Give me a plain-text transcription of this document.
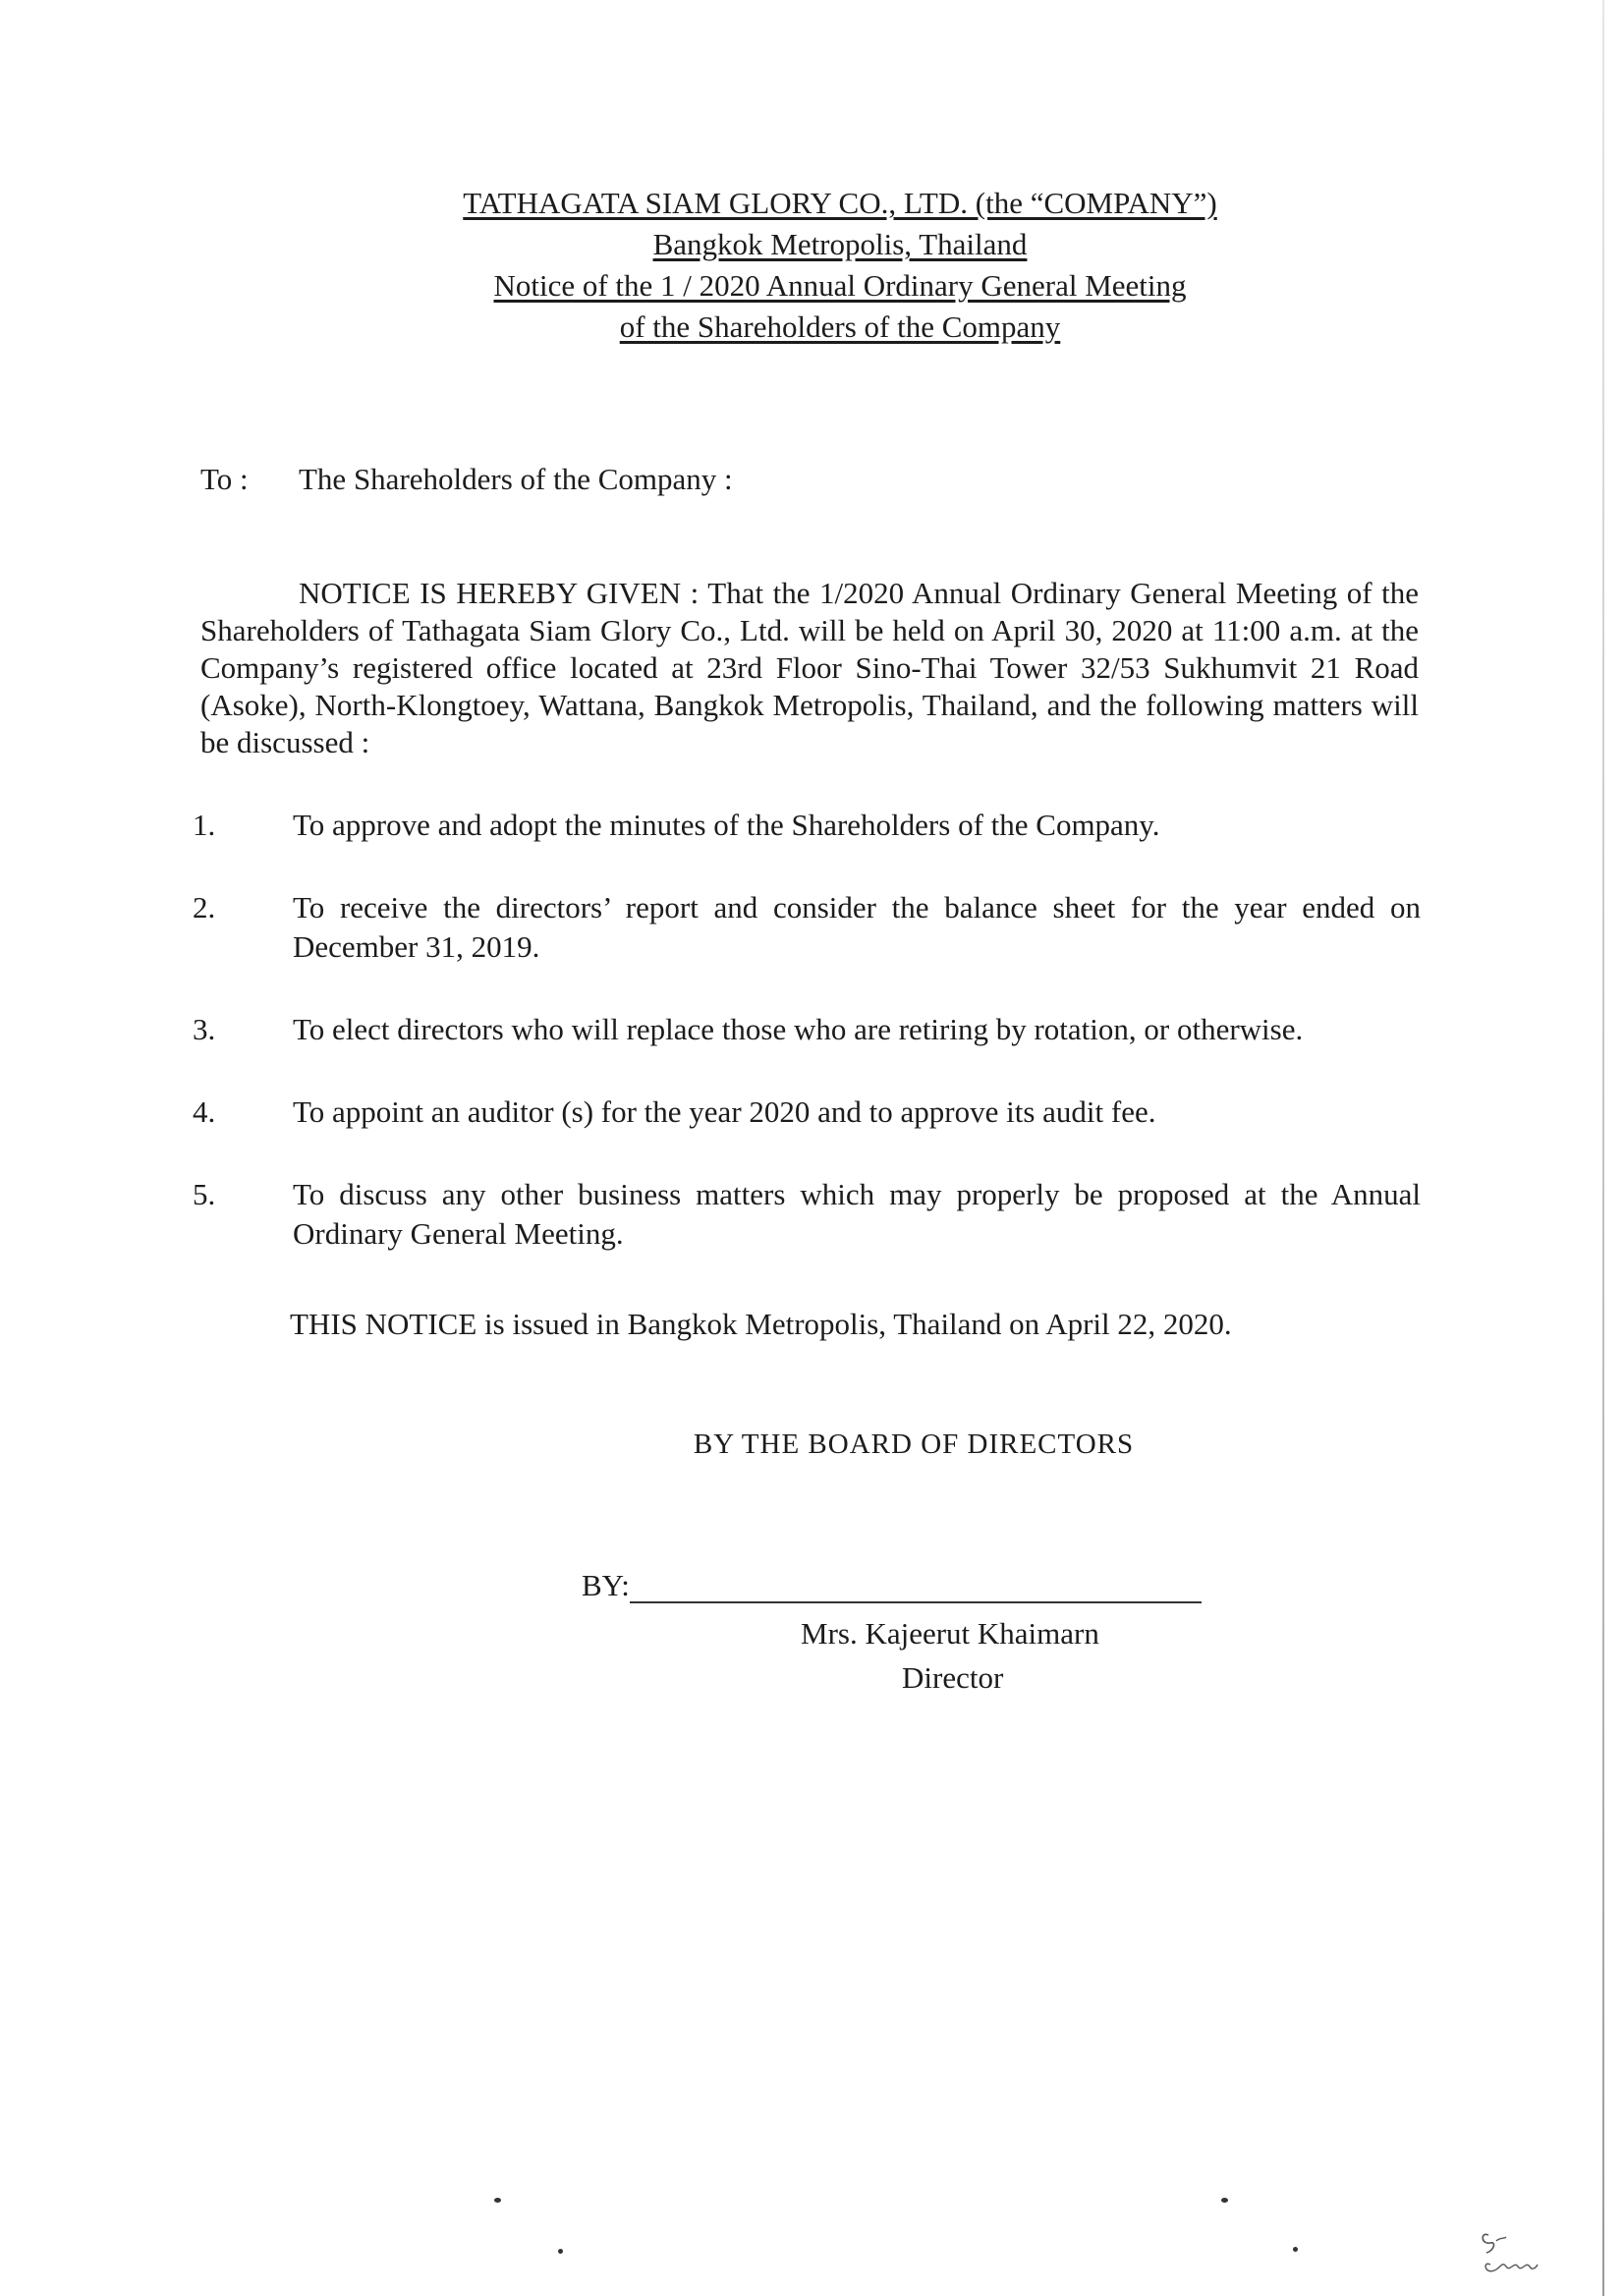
TATHAGATA SIAM GLORY CO., LTD. (the “COMPANY”)
Bangkok Metropolis, Thailand
Notice of the 1 / 2020 Annual Ordinary General Meeting
of the Shareholders of the Company
To : The Shareholders of the Company :

NOTICE IS HEREBY GIVEN : That the 1/2020 Annual Ordinary General Meeting of the Shareholders of Tathagata Siam Glory Co., Ltd. will be held on April 30, 2020 at 11:00 a.m. at the Company’s registered office located at 23rd Floor Sino-Thai Tower 32/53 Sukhumvit 21 Road (Asoke), North-Klongtoey, Wattana, Bangkok Metropolis, Thailand, and the following matters will be discussed :

1.	To approve and adopt the minutes of the Shareholders of the Company.
2.	To receive the directors’ report and consider the balance sheet for the year ended on December 31, 2019.
3.	To elect directors who will replace those who are retiring by rotation, or otherwise.
4.	To appoint an auditor (s) for the year 2020 and to approve its audit fee.
5.	To discuss any other business matters which may properly be proposed at the Annual Ordinary General Meeting.
THIS NOTICE is issued in Bangkok Metropolis, Thailand on April 22, 2020.
BY THE BOARD OF DIRECTORS
BY:
Mrs. Kajeerut Khaimarn
Director
